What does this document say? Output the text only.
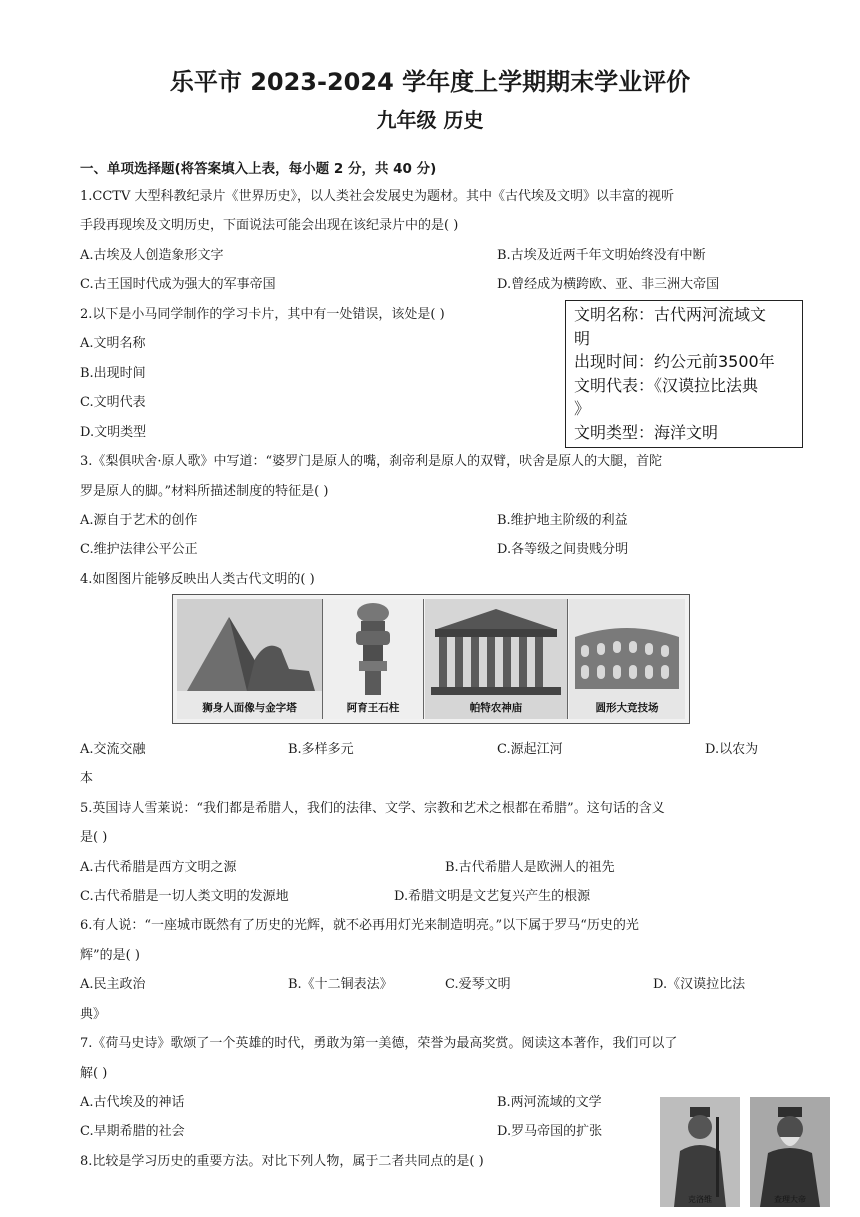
乐平市 2023-2024 学年度上学期期末学业评价
九年级 历史
一、单项选择题(将答案填入上表，每小题 2 分，共 40 分)
1.CCTV 大型科教纪录片《世界历史》，以人类社会发展史为题材。其中《古代埃及文明》以丰富的视听
手段再现埃及文明历史，下面说法可能会出现在该纪录片中的是( )
A.古埃及人创造象形文字	B.古埃及近两千年文明始终没有中断
C.古王国时代成为强大的军事帝国	D.曾经成为横跨欧、亚、非三洲大帝国
2.以下是小马同学制作的学习卡片，其中有一处错误，该处是( )
A.文明名称
B.出现时间
C.文明代表
D.文明类型
文明名称：古代两河流域文
明
出现时间：约公元前3500年
文明代表：《汉谟拉比法典
》
文明类型：海洋文明
3.《梨俱吠舍·原人歌》中写道：“婆罗门是原人的嘴，刹帝利是原人的双臂，吠舍是原人的大腿，首陀
罗是原人的脚。”材料所描述制度的特征是( )
A.源自于艺术的创作	B.维护地主阶级的利益
C.维护法律公平公正	D.各等级之间贵贱分明
4.如图图片能够反映出人类古代文明的( )
狮身人面像与金字塔	阿育王石柱	帕特农神庙	圆形大竞技场
A.交流交融	B.多样多元	C.源起江河	D.以农为
本
5.英国诗人雪莱说：“我们都是希腊人，我们的法律、文学、宗教和艺术之根都在希腊”。这句话的含义
是( )
A.古代希腊是西方文明之源	B.古代希腊人是欧洲人的祖先
C.古代希腊是一切人类文明的发源地	D.希腊文明是文艺复兴产生的根源
6.有人说：“一座城市既然有了历史的光辉，就不必再用灯光来制造明亮。”以下属于罗马“历史的光
辉”的是( )
A.民主政治	B.《十二铜表法》	C.爱琴文明	D.《汉谟拉比法
典》
7.《荷马史诗》歌颂了一个英雄的时代，勇敢为第一美德，荣誉为最高奖赏。阅读这本著作，我们可以了
解( )
A.古代埃及的神话	B.两河流域的文学
C.早期希腊的社会	D.罗马帝国的扩张
8.比较是学习历史的重要方法。对比下列人物，属于二者共同点的是( )
克洛维	查理大帝
